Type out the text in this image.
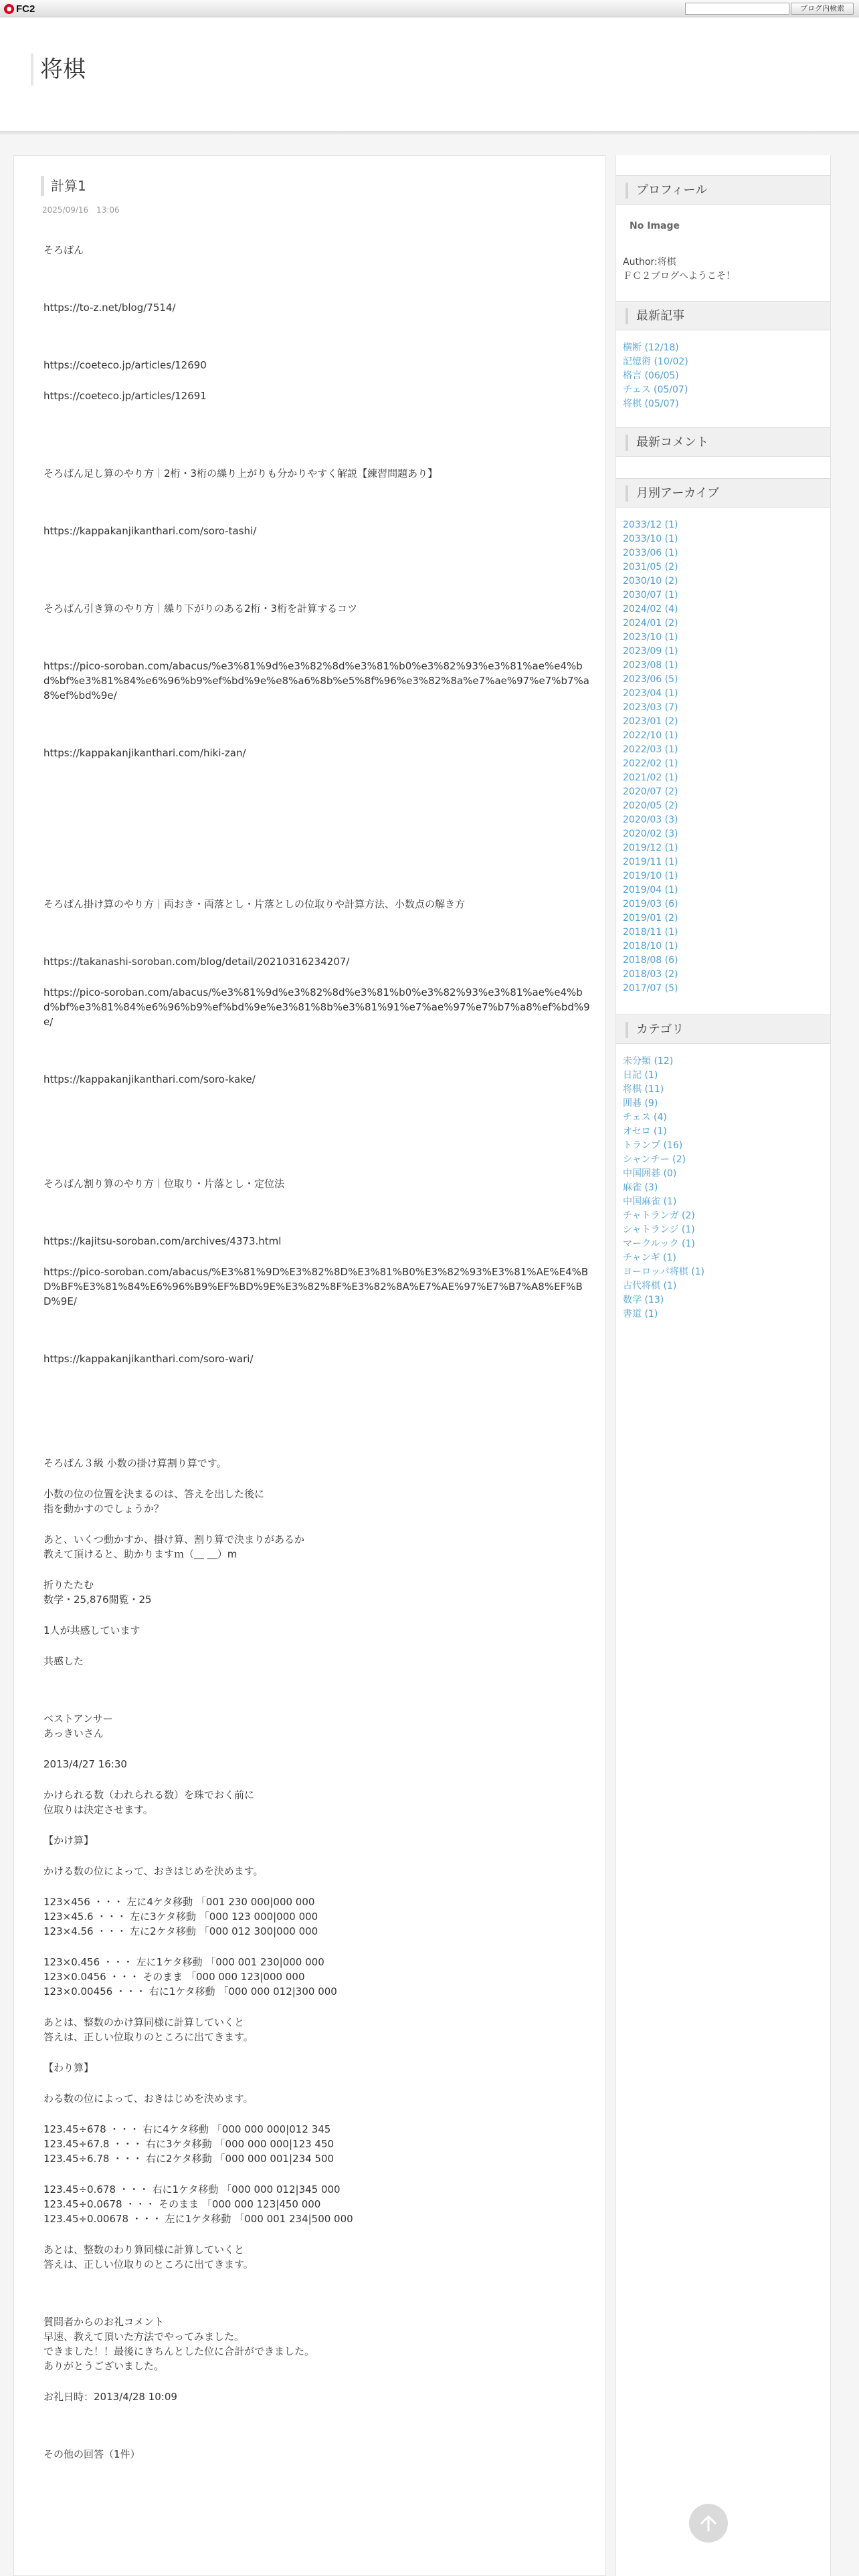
FC2	ブログ内検索
将棋
計算1
2025/09/16 13:06

そろばん

https://to-z.net/blog/7514/

https://coeteco.jp/articles/12690

https://coeteco.jp/articles/12691

そろばん足し算のやり方｜2桁・3桁の繰り上がりも分かりやすく解説【練習問題あり】

https://kappakanjikanthari.com/soro-tashi/

そろばん引き算のやり方｜繰り下がりのある2桁・3桁を計算するコツ

https://pico-soroban.com/abacus/%e3%81%9d%e3%82%8d%e3%81%b0%e3%82%93%e3%81%ae%e4%bd%bf%e3%81%84%e6%96%b9%ef%bd%9e%e8%a6%8b%e5%8f%96%e3%82%8a%e7%ae%97%e7%b7%a8%ef%bd%9e/

https://kappakanjikanthari.com/hiki-zan/

そろばん掛け算のやり方｜両おき・両落とし・片落としの位取りや計算方法、小数点の解き方

https://takanashi-soroban.com/blog/detail/20210316234207/

https://pico-soroban.com/abacus/%e3%81%9d%e3%82%8d%e3%81%b0%e3%82%93%e3%81%ae%e4%bd%bf%e3%81%84%e6%96%b9%ef%bd%9e%e3%81%8b%e3%81%91%e7%ae%97%e7%b7%a8%ef%bd%9e/

https://kappakanjikanthari.com/soro-kake/

そろばん割り算のやり方｜位取り・片落とし・定位法

https://kajitsu-soroban.com/archives/4373.html

https://pico-soroban.com/abacus/%E3%81%9D%E3%82%8D%E3%81%B0%E3%82%93%E3%81%AE%E4%BD%BF%E3%81%84%E6%96%B9%EF%BD%9E%E3%82%8F%E3%82%8A%E7%AE%97%E7%B7%A8%EF%BD%9E/

https://kappakanjikanthari.com/soro-wari/

そろばん３級 小数の掛け算割り算です。

小数の位の位置を決まるのは、答えを出した後に
指を動かすのでしょうか？

あと、いくつ動かすか、掛け算、割り算で決まりがあるか
教えて頂けると、助かりますｍ（＿ ＿）m

折りたたむ
数学・25,876閲覧・25

1人が共感しています

共感した

ベストアンサー
あっきいさん

2013/4/27 16:30

かけられる数（われられる数）を珠でおく前に
位取りは決定させます。

【かけ算】

かける数の位によって、おきはじめを決めます。

123×456 ・・・ 左に4ケタ移動 「001 230 000|000 000
123×45.6 ・・・ 左に3ケタ移動 「000 123 000|000 000
123×4.56 ・・・ 左に2ケタ移動 「000 012 300|000 000

123×0.456 ・・・ 左に1ケタ移動 「000 001 230|000 000
123×0.0456 ・・・ そのまま 「000 000 123|000 000
123×0.00456 ・・・ 右に1ケタ移動 「000 000 012|300 000

あとは、整数のかけ算同様に計算していくと
答えは、正しい位取りのところに出てきます。

【わり算】

わる数の位によって、おきはじめを決めます。

123.45÷678 ・・・ 右に4ケタ移動 「000 000 000|012 345
123.45÷67.8 ・・・ 右に3ケタ移動 「000 000 000|123 450
123.45÷6.78 ・・・ 右に2ケタ移動 「000 000 001|234 500

123.45÷0.678 ・・・ 右に1ケタ移動 「000 000 012|345 000
123.45÷0.0678 ・・・ そのまま 「000 000 123|450 000
123.45÷0.00678 ・・・ 左に1ケタ移動 「000 001 234|500 000

あとは、整数のわり算同様に計算していくと
答えは、正しい位取りのところに出てきます。

質問者からのお礼コメント
早速、教えて頂いた方法でやってみました。
できました！！最後にきちんとした位に合計ができました。
ありがとうございました。

お礼日時：2013/4/28 10:09

その他の回答（1件）

プロフィール
No Image
Author:将棋
ＦＣ２ブログへようこそ！
最新記事
横断 (12/18)
記憶術 (10/02)
格言 (06/05)
チェス (05/07)
将棋 (05/07)
最新コメント
月別アーカイブ
2033/12 (1)
2033/10 (1)
2033/06 (1)
2031/05 (2)
2030/10 (2)
2030/07 (1)
2024/02 (4)
2024/01 (2)
2023/10 (1)
2023/09 (1)
2023/08 (1)
2023/06 (5)
2023/04 (1)
2023/03 (7)
2023/01 (2)
2022/10 (1)
2022/03 (1)
2022/02 (1)
2021/02 (1)
2020/07 (2)
2020/05 (2)
2020/03 (3)
2020/02 (3)
2019/12 (1)
2019/11 (1)
2019/10 (1)
2019/04 (1)
2019/03 (6)
2019/01 (2)
2018/11 (1)
2018/10 (1)
2018/08 (6)
2018/03 (2)
2017/07 (5)
カテゴリ
未分類 (12)
日記 (1)
将棋 (11)
囲碁 (9)
チェス (4)
オセロ (1)
トランプ (16)
シャンチー (2)
中国囲碁 (0)
麻雀 (3)
中国麻雀 (1)
チャトランガ (2)
シャトランジ (1)
マークルック (1)
チャンギ (1)
ヨーロッパ将棋 (1)
古代将棋 (1)
数学 (13)
書道 (1)
